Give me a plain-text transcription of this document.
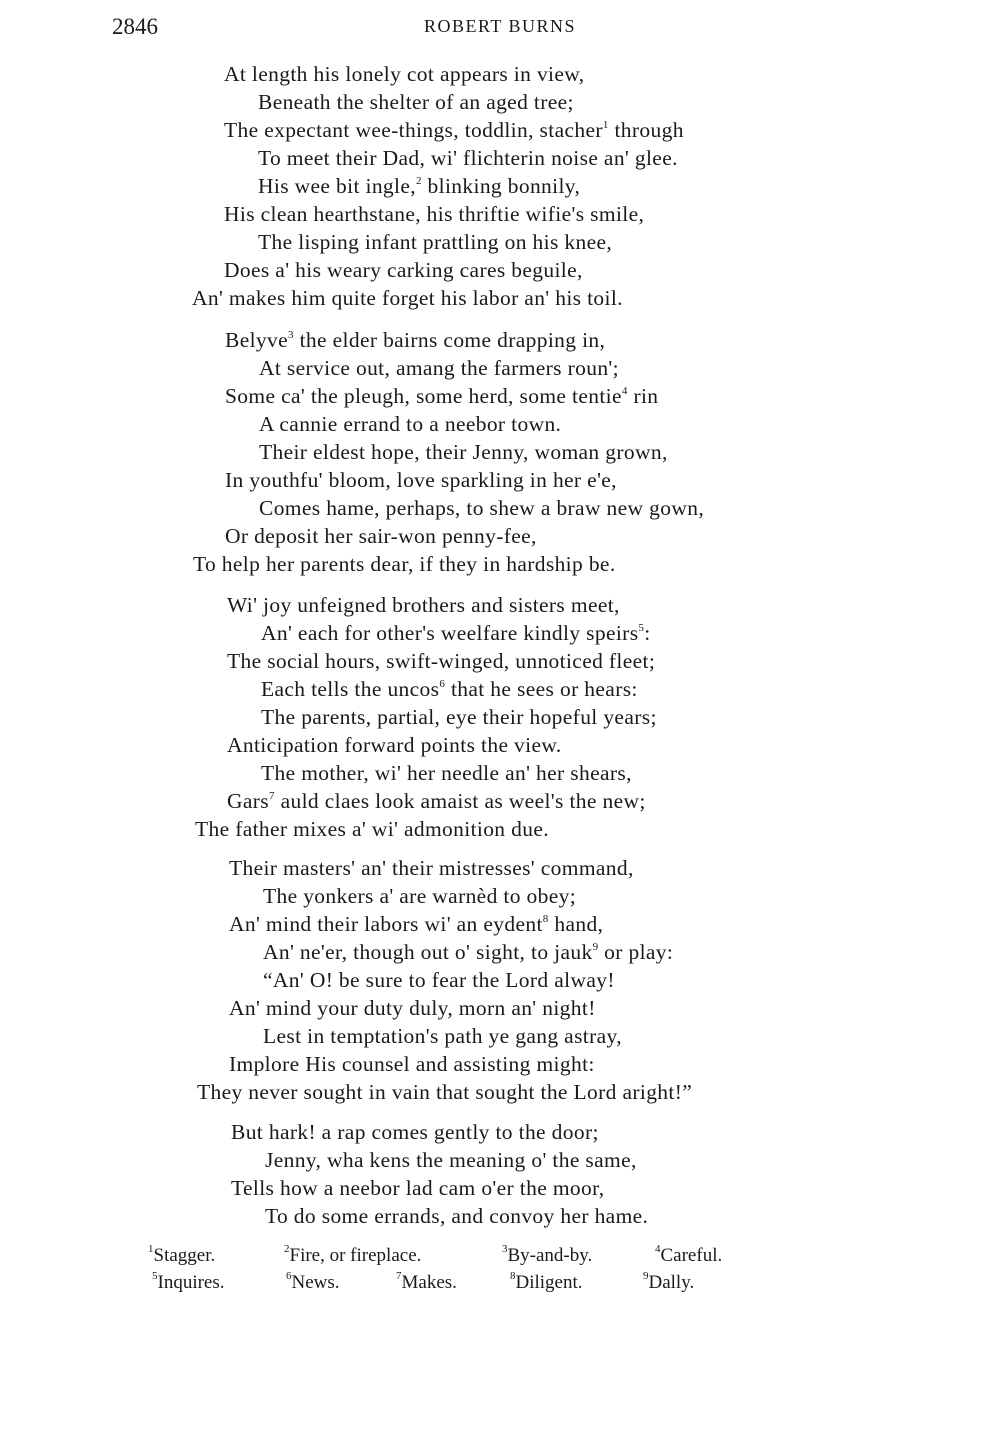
2846	ROBERT BURNS
At length his lonely cot appears in view,
Beneath the shelter of an aged tree;
The expectant wee-things, toddlin, stacher$^1$ through
To meet their Dad, wi' flichterin noise an' glee.
His wee bit ingle,$^2$ blinking bonnily,
His clean hearthstane, his thriftie wifie's smile,
The lisping infant prattling on his knee,
Does a' his weary carking cares beguile,
An' makes him quite forget his labor an' his toil.
Belyve$^3$ the elder bairns come drapping in,
At service out, amang the farmers roun';
Some ca' the pleugh, some herd, some tentie$^4$ rin
A cannie errand to a neebor town.
Their eldest hope, their Jenny, woman grown,
In youthfu' bloom, love sparkling in her e'e,
Comes hame, perhaps, to shew a braw new gown,
Or deposit her sair-won penny-fee,
To help her parents dear, if they in hardship be.
Wi' joy unfeigned brothers and sisters meet,
An' each for other's weelfare kindly speirs$^5$:
The social hours, swift-winged, unnoticed fleet;
Each tells the uncos$^6$ that he sees or hears:
The parents, partial, eye their hopeful years;
Anticipation forward points the view.
The mother, wi' her needle an' her shears,
Gars$^7$ auld claes look amaist as weel's the new;
The father mixes a' wi' admonition due.
Their masters' an' their mistresses' command,
The yonkers a' are warnèd to obey;
An' mind their labors wi' an eydent$^8$ hand,
An' ne'er, though out o' sight, to jauk$^9$ or play:
“An' O! be sure to fear the Lord alway!
An' mind your duty duly, morn an' night!
Lest in temptation's path ye gang astray,
Implore His counsel and assisting might:
They never sought in vain that sought the Lord aright!”
But hark! a rap comes gently to the door;
Jenny, wha kens the meaning o' the same,
Tells how a neebor lad cam o'er the moor,
To do some errands, and convoy her hame.
$^1$Stagger.	$^2$Fire, or fireplace.	$^3$By-and-by.	$^4$Careful.
$^5$Inquires.	$^6$News.	$^7$Makes.	$^8$Diligent.	$^9$Dally.
